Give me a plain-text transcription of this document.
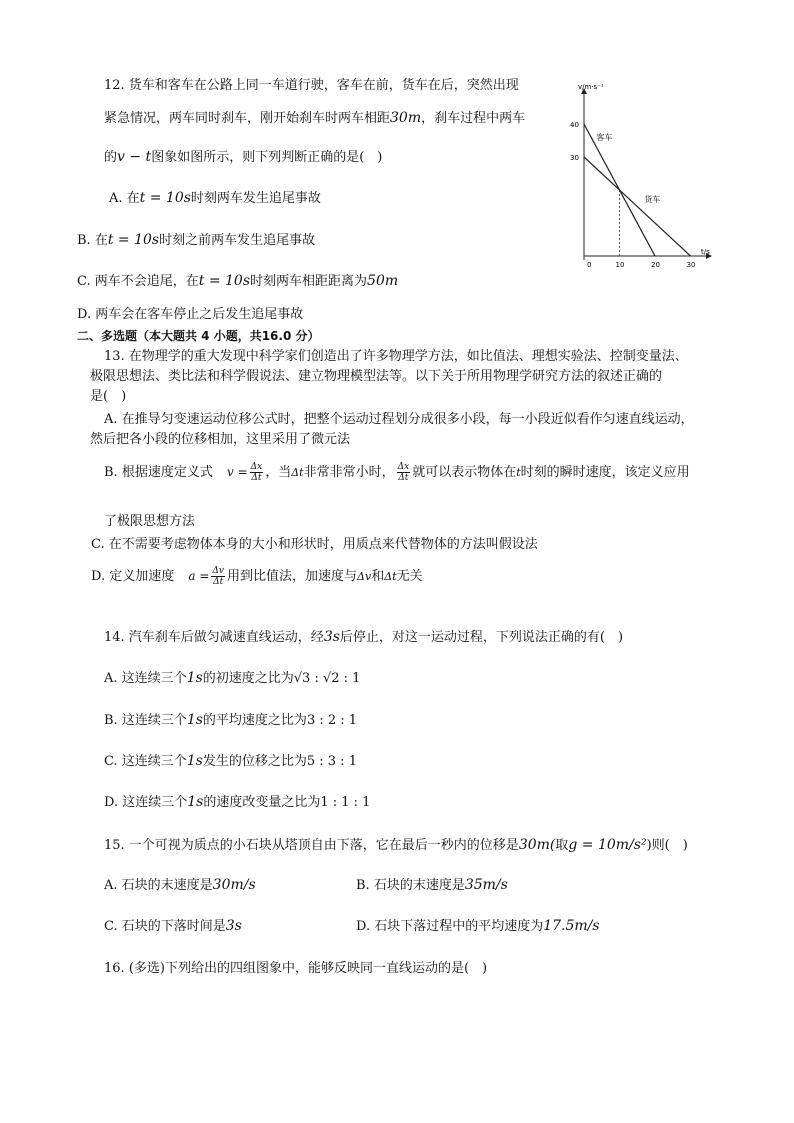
12. 货车和客车在公路上同一车道行驶，客车在前，货车在后，突然出现
紧急情况，两车同时刹车，刚开始刹车时两车相距30m，刹车过程中两车
的v − t图象如图所示，则下列判断正确的是(　)
A. 在t = 10s时刻两车发生追尾事故
B. 在t = 10s时刻之前两车发生追尾事故
C. 两车不会追尾，在t = 10s时刻两车相距距离为50m
D. 两车会在客车停止之后发生追尾事故
v/m·s⁻¹
t/s
40
30
0	10	20	30
客车
货车
二、多选题（本大题共 4 小题，共16.0 分）
13. 在物理学的重大发现中科学家们创造出了许多物理学方法，如比值法、理想实验法、控制变量法、
极限思想法、类比法和科学假说法、建立物理模型法等。以下关于所用物理学研究方法的叙述正确的
是(　)
A. 在推导匀变速运动位移公式时，把整个运动过程划分成很多小段，每一小段近似看作匀速直线运动，
然后把各小段的位移相加，这里采用了微元法
B. 根据速度定义式 $v = \frac{\Delta x}{\Delta t}$ ，当Δt非常非常小时， $\frac{\Delta x}{\Delta t}$ 就可以表示物体在t时刻的瞬时速度，该定义应用
了极限思想方法
C. 在不需要考虑物体本身的大小和形状时，用质点来代替物体的方法叫假设法
D. 定义加速度 $a = \frac{\Delta v}{\Delta t}$ 用到比值法，加速度与Δv和Δt无关
14. 汽车刹车后做匀减速直线运动，经3s后停止，对这一运动过程，下列说法正确的有(　)
A. 这连续三个1s的初速度之比为√3 : √2 : 1
B. 这连续三个1s的平均速度之比为3 : 2 : 1
C. 这连续三个1s发生的位移之比为5 : 3 : 1
D. 这连续三个1s的速度改变量之比为1 : 1 : 1
15. 一个可视为质点的小石块从塔顶自由下落，它在最后一秒内的位移是30m(取g = 10m/s²)则(　)
A. 石块的末速度是30m/s	B. 石块的末速度是35m/s
C. 石块的下落时间是3s	D. 石块下落过程中的平均速度为17.5m/s
16. (多选)下列给出的四组图象中，能够反映同一直线运动的是(　)
